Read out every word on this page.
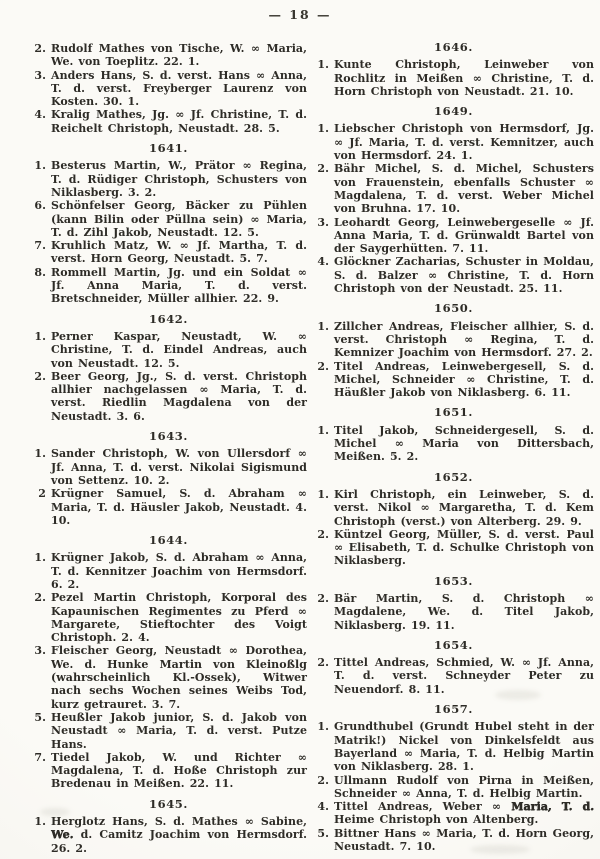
— 18 —
2. Rudolf Mathes von Tische, W. ∞ Maria, We. von Toeplitz. 22. 1.
3. Anders Hans, S. d. verst. Hans ∞ Anna, T. d. verst. Freyberger Laurenz von Kosten. 30. 1.
4. Kralig Mathes, Jg. ∞ Jf. Christine, T. d. Reichelt Christoph, Neustadt. 28. 5.
1641.
1. Besterus Martin, W., Prätor ∞ Regina, T. d. Rüdiger Christoph, Schusters von Niklasberg. 3. 2.
6. Schönfelser Georg, Bäcker zu Pühlen (kann Bilin oder Püllna sein) ∞ Maria, T. d. Zihl Jakob, Neustadt. 12. 5.
7. Kruhlich Matz, W. ∞ Jf. Martha, T. d. verst. Horn Georg, Neustadt. 5. 7.
8. Rommell Martin, Jg. und ein Soldat ∞ Jf. Anna Maria, T. d. verst. Bretschneider, Müller allhier. 22. 9.
1642.
1. Perner Kaspar, Neustadt, W. ∞ Christine, T. d. Eindel Andreas, auch von Neustadt. 12. 5.
2. Beer Georg, Jg., S. d. verst. Christoph allhier nachgelassen ∞ Maria, T. d. verst. Riedlin Magdalena von der Neustadt. 3. 6.
1643.
1. Sander Christoph, W. von Ullersdorf ∞ Jf. Anna, T. d. verst. Nikolai Sigismund von Settenz. 10. 2.
2 Krügner Samuel, S. d. Abraham ∞ Maria, T. d. Häusler Jakob, Neustadt. 4. 10.
1644.
1. Krügner Jakob, S. d. Abraham ∞ Anna, T. d. Kennitzer Joachim von Hermsdorf. 6. 2.
2. Pezel Martin Christoph, Korporal des Kapaunischen Regimentes zu Pferd ∞ Margarete, Stieftochter des Voigt Christoph. 2. 4.
3. Fleischer Georg, Neustadt ∞ Dorothea, We. d. Hunke Martin von Kleinoßlg (wahrscheinlich Kl.-Ossek), Witwer nach sechs Wochen seines Weibs Tod, kurz getrauret. 3. 7.
5. Heußler Jakob junior, S. d. Jakob von Neustadt ∞ Maria, T. d. verst. Putze Hans.
7. Tiedel Jakob, W. und Richter ∞ Magdalena, T. d. Hoße Christoph zur Bredenau in Meißen. 22. 11.
1645.
1. Herglotz Hans, S. d. Mathes ∞ Sabine, We. d. Camitz Joachim von Hermsdorf. 26. 2.
1646.
1. Kunte Christoph, Leinweber von Rochlitz in Meißen ∞ Christine, T. d. Horn Christoph von Neustadt. 21. 10.
1649.
1. Liebscher Christoph von Hermsdorf, Jg. ∞ Jf. Maria, T. d. verst. Kemnitzer, auch von Hermsdorf. 24. 1.
2. Bähr Michel, S. d. Michel, Schusters von Frauenstein, ebenfalls Schuster ∞ Magdalena, T. d. verst. Weber Michel von Bruhna. 17. 10.
3. Leohardt Georg, Leinwebergeselle ∞ Jf. Anna Maria, T. d. Grünwaldt Bartel von der Saygerhütten. 7. 11.
4. Glöckner Zacharias, Schuster in Moldau, S. d. Balzer ∞ Christine, T. d. Horn Christoph von der Neustadt. 25. 11.
1650.
1. Zillcher Andreas, Fleischer allhier, S. d. verst. Christoph ∞ Regina, T. d. Kemnizer Joachim von Hermsdorf. 27. 2.
2. Titel Andreas, Leinwebergesell, S. d. Michel, Schneider ∞ Christine, T. d. Häußler Jakob von Niklasberg. 6. 11.
1651.
1. Titel Jakob, Schneidergesell, S. d. Michel ∞ Maria von Dittersbach, Meißen. 5. 2.
1652.
1. Kirl Christoph, ein Leinweber, S. d. verst. Nikol ∞ Margaretha, T. d. Kem Christoph (verst.) von Alterberg. 29. 9.
2. Küntzel Georg, Müller, S. d. verst. Paul ∞ Elisabeth, T. d. Schulke Christoph von Niklasberg.
1653.
2. Bär Martin, S. d. Christoph ∞ Magdalene, We. d. Titel Jakob, Niklasberg. 19. 11.
1654.
2. Tittel Andreas, Schmied, W. ∞ Jf. Anna, T. d. verst. Schneyder Peter zu Neuendorf. 8. 11.
1657.
1. Grundthubel (Grundt Hubel steht in der Matrik!) Nickel von Dinkelsfeldt aus Bayerland ∞ Maria, T. d. Helbig Martin von Niklasberg. 28. 1.
2. Ullmann Rudolf von Pirna in Meißen, Schneider ∞ Anna, T. d. Helbig Martin.
4. Tittel Andreas, Weber ∞ Maria, T. d. Heime Christoph von Altenberg.
5. Bittner Hans ∞ Maria, T. d. Horn Georg, Neustadt. 7. 10.
